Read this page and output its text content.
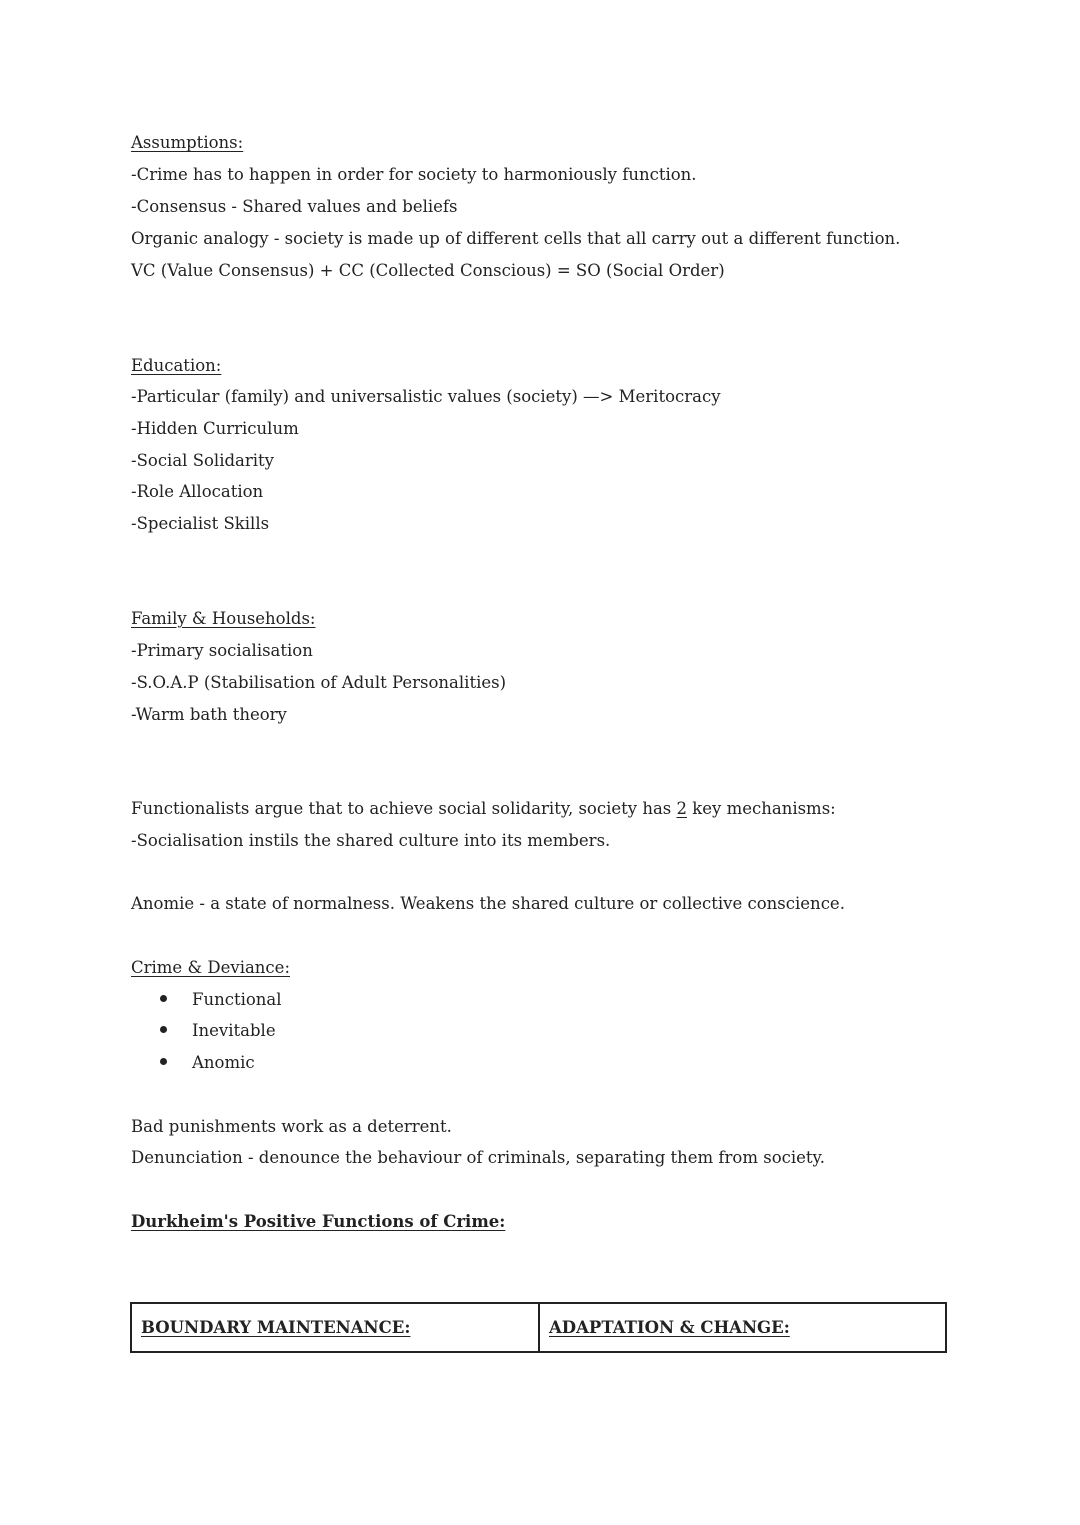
Assumptions:
-Crime has to happen in order for society to harmoniously function.
-Consensus - Shared values and beliefs
Organic analogy - society is made up of different cells that all carry out a different function.
VC (Value Consensus) + CC (Collected Conscious) = SO (Social Order)
Education:
-Particular (family) and universalistic values (society) —> Meritocracy
-Hidden Curriculum
-Social Solidarity
-Role Allocation
-Specialist Skills
Family & Households:
-Primary socialisation
-S.O.A.P (Stabilisation of Adult Personalities)
-Warm bath theory
Functionalists argue that to achieve social solidarity, society has 2 key mechanisms:
-Socialisation instils the shared culture into its members.
Anomie - a state of normalness. Weakens the shared culture or collective conscience.
Crime & Deviance:
Functional
Inevitable
Anomic
Bad punishments work as a deterrent.
Denunciation - denounce the behaviour of criminals, separating them from society.
Durkheim's Positive Functions of Crime:
BOUNDARY MAINTENANCE:	ADAPTATION & CHANGE:
